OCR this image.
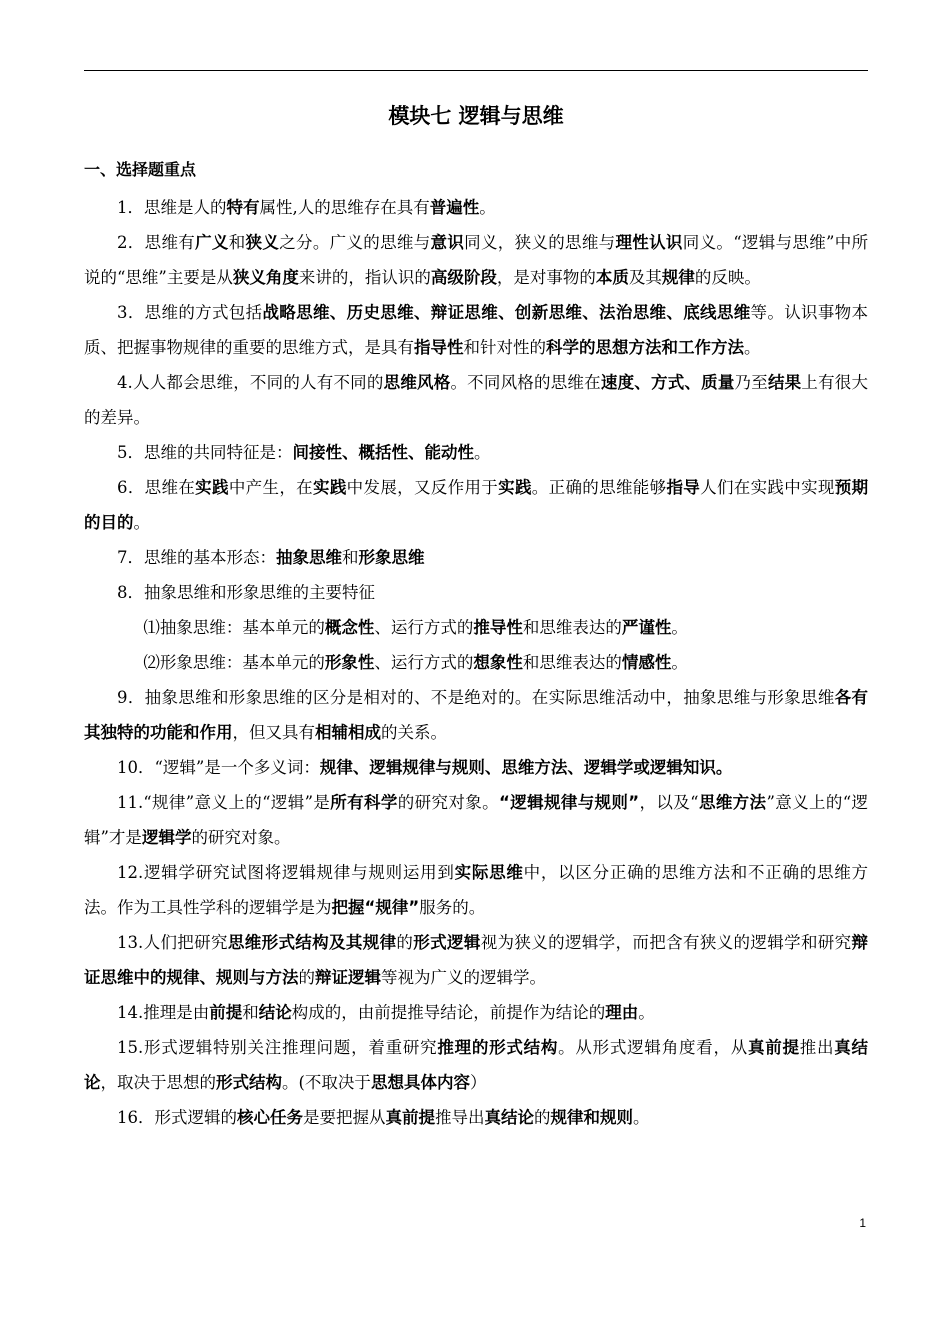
模块七 逻辑与思维
一、选择题重点

1．思维是人的特有属性,人的思维存在具有普遍性。

2．思维有广义和狭义之分。广义的思维与意识同义，狭义的思维与理性认识同义。“逻辑与思维”中所说的“思维”主要是从狭义角度来讲的，指认识的高级阶段，是对事物的本质及其规律的反映。

3．思维的方式包括战略思维、历史思维、辩证思维、创新思维、法治思维、底线思维等。认识事物本质、把握事物规律的重要的思维方式，是具有指导性和针对性的科学的思想方法和工作方法。

4.人人都会思维，不同的人有不同的思维风格。不同风格的思维在速度、方式、质量乃至结果上有很大的差异。

5．思维的共同特征是：间接性、概括性、能动性。

6．思维在实践中产生，在实践中发展，又反作用于实践。正确的思维能够指导人们在实践中实现预期的目的。

7．思维的基本形态：抽象思维和形象思维

8．抽象思维和形象思维的主要特征

⑴抽象思维：基本单元的概念性、运行方式的推导性和思维表达的严谨性。

⑵形象思维：基本单元的形象性、运行方式的想象性和思维表达的情感性。

9．抽象思维和形象思维的区分是相对的、不是绝对的。在实际思维活动中，抽象思维与形象思维各有其独特的功能和作用，但又具有相辅相成的关系。

10．“逻辑”是一个多义词：规律、逻辑规律与规则、思维方法、逻辑学或逻辑知识。

11.“规律”意义上的“逻辑”是所有科学的研究对象。“逻辑规律与规则”，以及“思维方法”意义上的“逻辑”才是逻辑学的研究对象。

12.逻辑学研究试图将逻辑规律与规则运用到实际思维中，以区分正确的思维方法和不正确的思维方法。作为工具性学科的逻辑学是为把握“规律”服务的。

13.人们把研究思维形式结构及其规律的形式逻辑视为狭义的逻辑学，而把含有狭义的逻辑学和研究辩证思维中的规律、规则与方法的辩证逻辑等视为广义的逻辑学。

14.推理是由前提和结论构成的，由前提推导结论，前提作为结论的理由。

15.形式逻辑特别关注推理问题，着重研究推理的形式结构。从形式逻辑角度看，从真前提推出真结论，取决于思想的形式结构。(不取决于思想具体内容）

16．形式逻辑的核心任务是要把握从真前提推导出真结论的规律和规则。

1
